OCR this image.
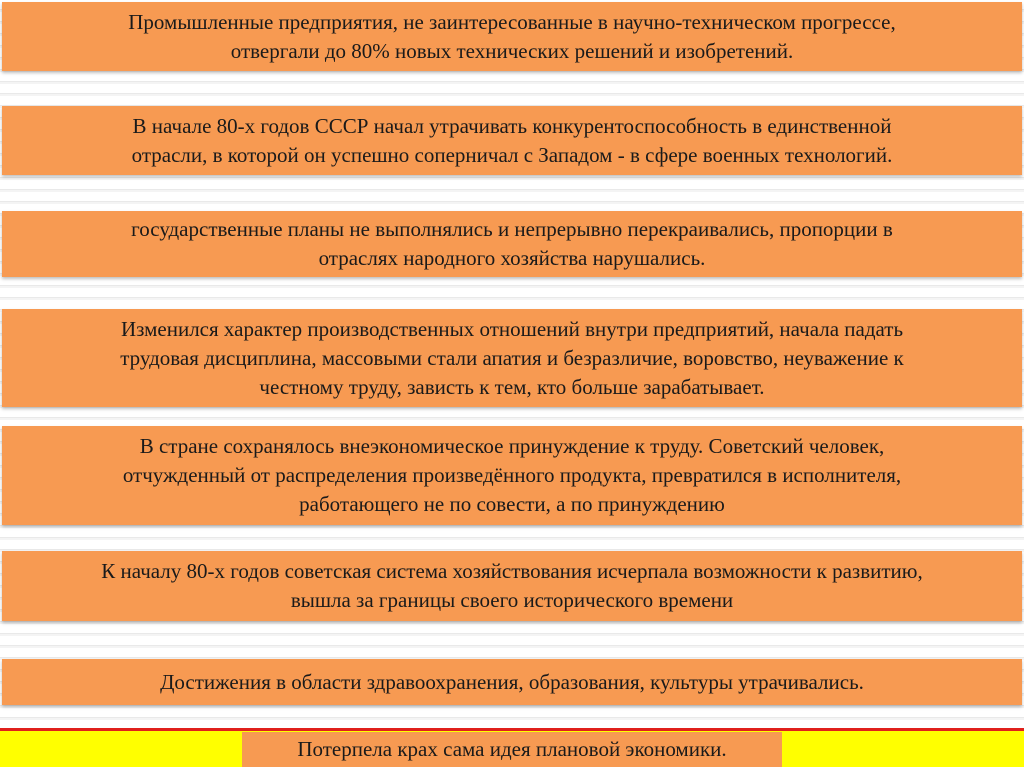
Промышленные предприятия, не заинтересованные в научно-техническом прогрессе,
отвергали до 80% новых технических решений и изобретений.
В начале 80-х годов СССР начал утрачивать конкурентоспособность в единственной
отрасли, в которой он успешно соперничал с Западом - в сфере военных технологий.
государственные планы не выполнялись и непрерывно перекраивались, пропорции в
отраслях народного хозяйства нарушались.
Изменился характер производственных отношений внутри предприятий, начала падать
трудовая дисциплина, массовыми стали апатия и безразличие, воровство, неуважение к
честному труду, зависть к тем, кто больше зарабатывает.
В стране сохранялось внеэкономическое принуждение к труду. Советский человек,
отчужденный от распределения произведённого продукта, превратился в исполнителя,
работающего не по совести, а по принуждению
К началу 80-х годов советская система хозяйствования исчерпала возможности к развитию,
вышла за границы своего исторического времени
Достижения в области здравоохранения, образования, культуры утрачивались.
Потерпела крах сама идея плановой экономики.
